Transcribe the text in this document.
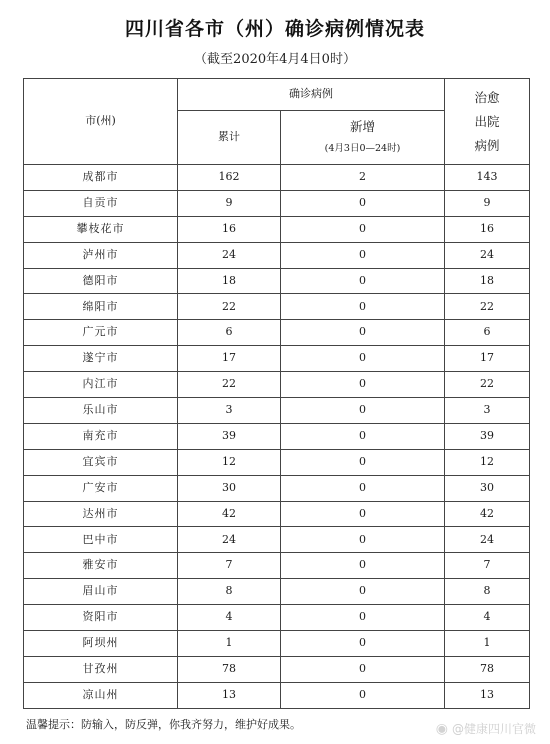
四川省各市（州）确诊病例情况表
（截至2020年4月4日0时）
市(州)	确诊病例		治愈
出院
病例

	累计	新增
(4月3日0—24时)	

成都市	162	2	143
自贡市	9	0	9
攀枝花市	16	0	16
泸州市	24	0	24
德阳市	18	0	18
绵阳市	22	0	22
广元市	6	0	6
遂宁市	17	0	17
内江市	22	0	22
乐山市	3	0	3
南充市	39	0	39
宜宾市	12	0	12
广安市	30	0	30
达州市	42	0	42
巴中市	24	0	24
雅安市	7	0	7
眉山市	8	0	8
资阳市	4	0	4
阿坝州	1	0	1
甘孜州	78	0	78
凉山州	13	0	13
温馨提示：防输入，防反弹，你我齐努力，维护好成果。	◉ @健康四川官微
